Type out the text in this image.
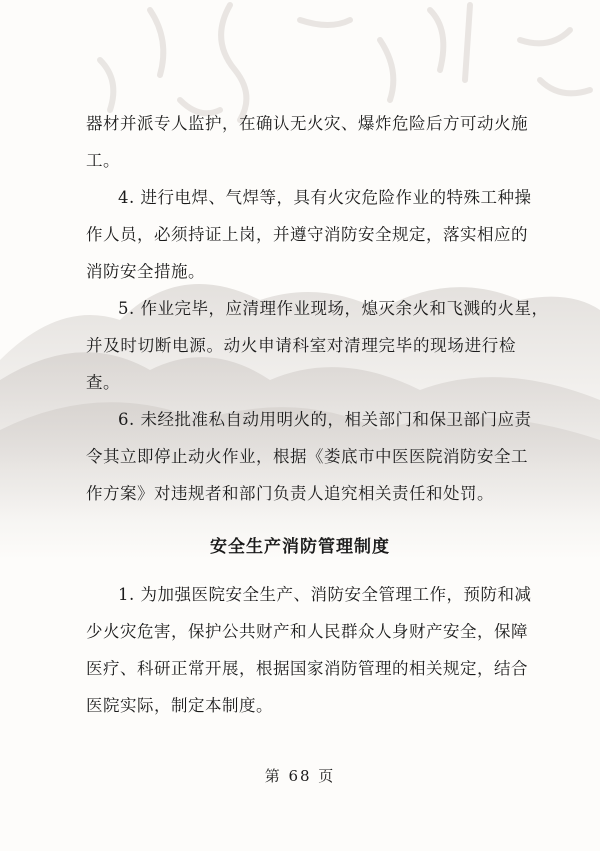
器材并派专人监护，在确认无火灾、爆炸危险后方可动火施
工。
4. 进行电焊、气焊等，具有火灾危险作业的特殊工种操
作人员，必须持证上岗，并遵守消防安全规定，落实相应的
消防安全措施。
5. 作业完毕，应清理作业现场，熄灭余火和飞溅的火星，
并及时切断电源。动火申请科室对清理完毕的现场进行检
查。
6. 未经批准私自动用明火的，相关部门和保卫部门应责
令其立即停止动火作业，根据《娄底市中医医院消防安全工
作方案》对违规者和部门负责人追究相关责任和处罚。
安全生产消防管理制度
1. 为加强医院安全生产、消防安全管理工作，预防和减
少火灾危害，保护公共财产和人民群众人身财产安全，保障
医疗、科研正常开展，根据国家消防管理的相关规定，结合
医院实际，制定本制度。
第 68 页
